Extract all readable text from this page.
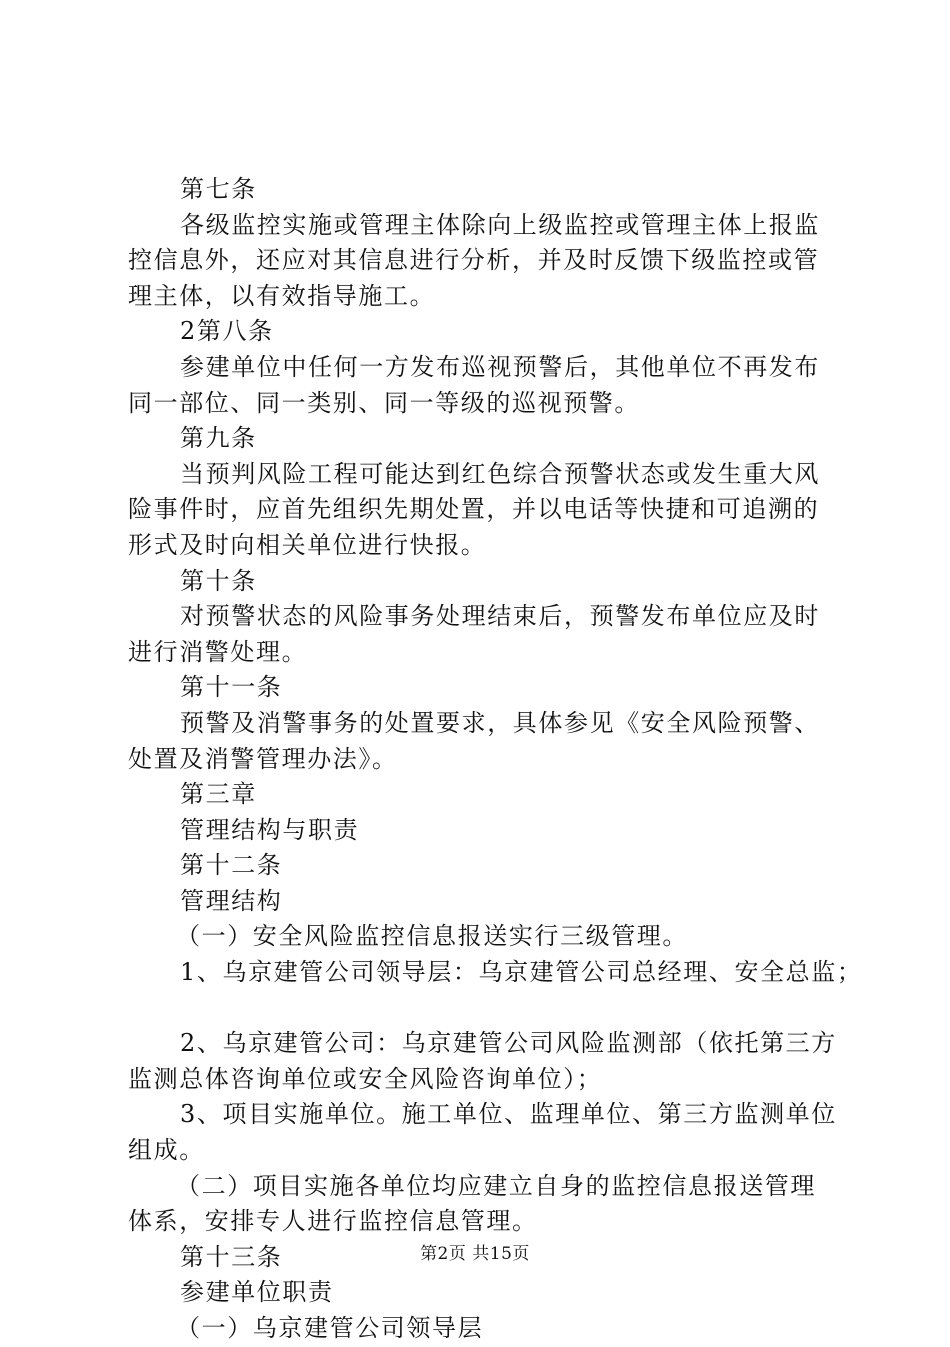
第七条
各级监控实施或管理主体除向上级监控或管理主体上报监
控信息外，还应对其信息进行分析，并及时反馈下级监控或管
理主体，以有效指导施工。
2第八条
参建单位中任何一方发布巡视预警后，其他单位不再发布
同一部位、同一类别、同一等级的巡视预警。
第九条
当预判风险工程可能达到红色综合预警状态或发生重大风
险事件时，应首先组织先期处置，并以电话等快捷和可追溯的
形式及时向相关单位进行快报。
第十条
对预警状态的风险事务处理结束后，预警发布单位应及时
进行消警处理。
第十一条
预警及消警事务的处置要求，具体参见《安全风险预警、
处置及消警管理办法》。
第三章
管理结构与职责
第十二条
管理结构
（一）安全风险监控信息报送实行三级管理。
1、乌京建管公司领导层：乌京建管公司总经理、安全总监；
2、乌京建管公司：乌京建管公司风险监测部（依托第三方
监测总体咨询单位或安全风险咨询单位）；
3、项目实施单位。施工单位、监理单位、第三方监测单位
组成。
（二）项目实施各单位均应建立自身的监控信息报送管理
体系，安排专人进行监控信息管理。
第十三条
参建单位职责
（一）乌京建管公司领导层
第2页 共15页
